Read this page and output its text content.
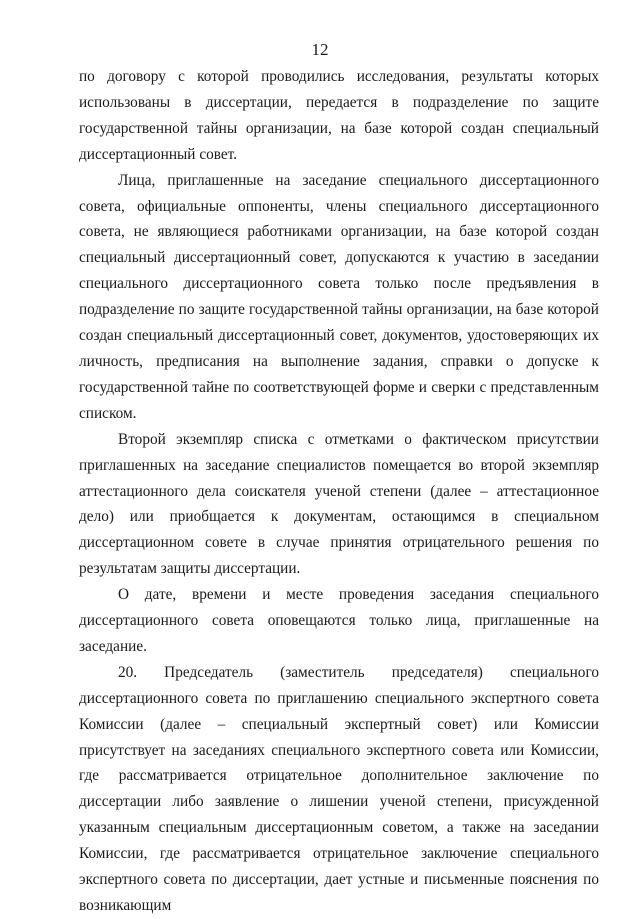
12

по договору с которой проводились исследования, результаты которых использованы в диссертации, передается в подразделение по защите государственной тайны организации, на базе которой создан специальный диссертационный совет.

Лица, приглашенные на заседание специального диссертационного совета, официальные оппоненты, члены специального диссертационного совета, не являющиеся работниками организации, на базе которой создан специальный диссертационный совет, допускаются к участию в заседании специального диссертационного совета только после предъявления в подразделение по защите государственной тайны организации, на базе которой создан специальный диссертационный совет, документов, удостоверяющих их личность, предписания на выполнение задания, справки о допуске к государственной тайне по соответствующей форме и сверки с представленным списком.

Второй экземпляр списка с отметками о фактическом присутствии приглашенных на заседание специалистов помещается во второй экземпляр аттестационного дела соискателя ученой степени (далее – аттестационное дело) или приобщается к документам, остающимся в специальном диссертационном совете в случае принятия отрицательного решения по результатам защиты диссертации.

О дате, времени и месте проведения заседания специального диссертационного совета оповещаются только лица, приглашенные на заседание.

20. Председатель (заместитель председателя) специального диссертационного совета по приглашению специального экспертного совета Комиссии (далее – специальный экспертный совет) или Комиссии присутствует на заседаниях специального экспертного совета или Комиссии, где рассматривается отрицательное дополнительное заключение по диссертации либо заявление о лишении ученой степени, присужденной указанным специальным диссертационным советом, а также на заседании Комиссии, где рассматривается отрицательное заключение специального экспертного совета по диссертации, дает устные и письменные пояснения по возникающим
